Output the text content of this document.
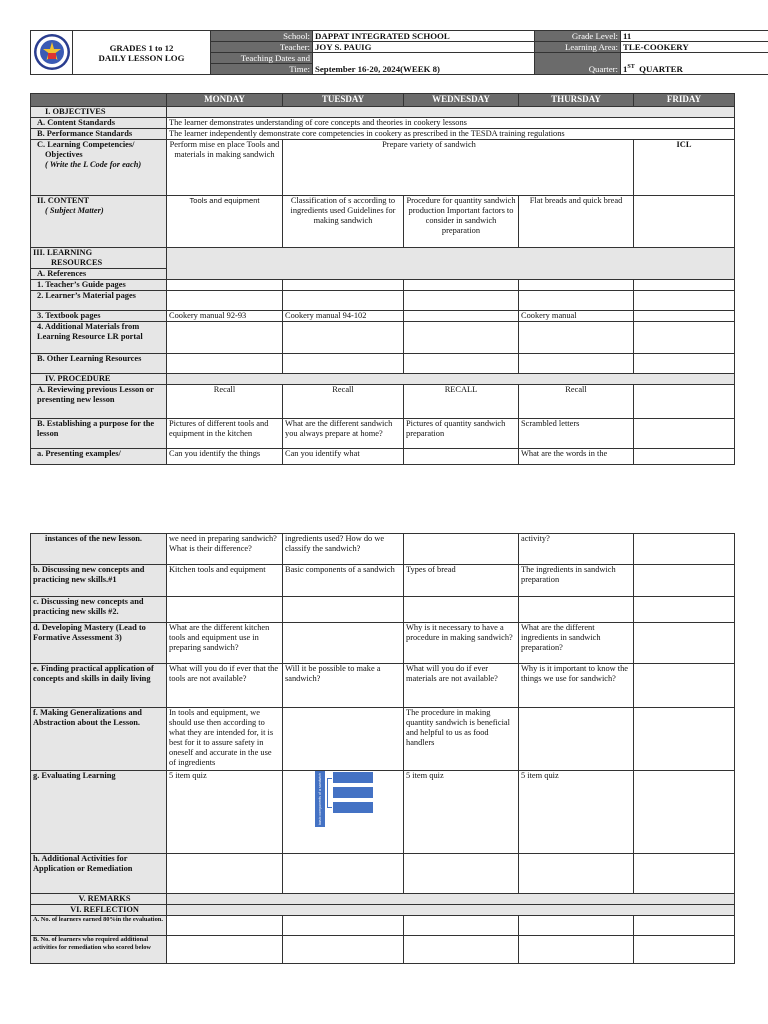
GRADES 1 to 12
DAILY LESSON LOG	School:	DAPPAT INTEGRATED SCHOOL	Grade Level:	11
		Teacher:	JOY S. PAUIG	Learning Area:	TLE-COOKERY
		Teaching Dates and	September 16-20, 2024(WEEK 8)	Quarter:	1ST QUARTER
		Time:			
	MONDAY	TUESDAY	WEDNESDAY	THURSDAY	FRIDAY
I. OBJECTIVES					
A. Content Standards	The learner demonstrates understanding of core concepts and theories in cookery lessons				
B. Performance Standards	The learner independently demonstrate core competencies in cookery as prescribed in the TESDA training regulations				

C. Learning Competencies/
Objectives
( Write the L Code for each)	Perform mise en place Tools and materials in making sandwich	Prepare variety of sandwich			ICL

II. CONTENT
( Subject Matter)	Tools and equipment	Classification of s according to ingredients used Guidelines for making sandwich	Procedure for quantity sandwich production Important factors to consider in sandwich preparation	Flat breads and quick bread	

III. LEARNING
RESOURCES					

A. References					
1. Teacher’s Guide pages					
2. Learner’s Material pages					
3. Textbook pages	Cookery manual 92-93	Cookery manual 94-102		Cookery manual	
4. Additional Materials from Learning Resource LR portal					
B. Other Learning Resources					
IV. PROCEDURE					
A. Reviewing previous Lesson or presenting new lesson	Recall	Recall	RECALL	Recall	
B. Establishing a purpose for the lesson	Pictures of different tools and equipment in the kitchen	What are the different sandwich you always prepare at home?	Pictures of quantity sandwich preparation	Scrambled letters	
a. Presenting examples/	Can you identify the things	Can you identify what		What are the words in the	
instances of the new lesson.	we need in preparing sandwich? What is their difference?	ingredients used? How do we classify the sandwich?		activity?	
b. Discussing new concepts and practicing new skills.#1	Kitchen tools and equipment	Basic components of a sandwich	Types of bread	The ingredients in sandwich preparation	
c. Discussing new concepts and practicing new skills #2.					
d. Developing Mastery (Lead to Formative Assessment 3)	What are the different kitchen tools and equipment use in preparing sandwich?		Why is it necessary to have a procedure in making sandwich?	What are the different ingredients in sandwich preparation?	
e. Finding practical application of concepts and skills in daily living	What will you do if ever that the tools are not available?	Will it be possible to make a sandwich?	What will you do if ever materials are not available?	Why is it important to know the things we use for sandwich?	
f. Making Generalizations and Abstraction about the Lesson.	In tools and equipment, we should use then according to what they are intended for, it is best for it to assure safety in oneself and accurate in the use of ingredients		The procedure in making quantity sandwich is beneficial and helpful to us as food handlers		
g. Evaluating Learning	5 item quiz	basic components of a sandwich	5 item quiz	5 item quiz	
h. Additional Activities for Application or Remediation					
V. REMARKS					
VI. REFLECTION					
A. No. of learners earned 80%in the evaluation.					
B. No. of learners who required additional activities for remediation who scored below					
